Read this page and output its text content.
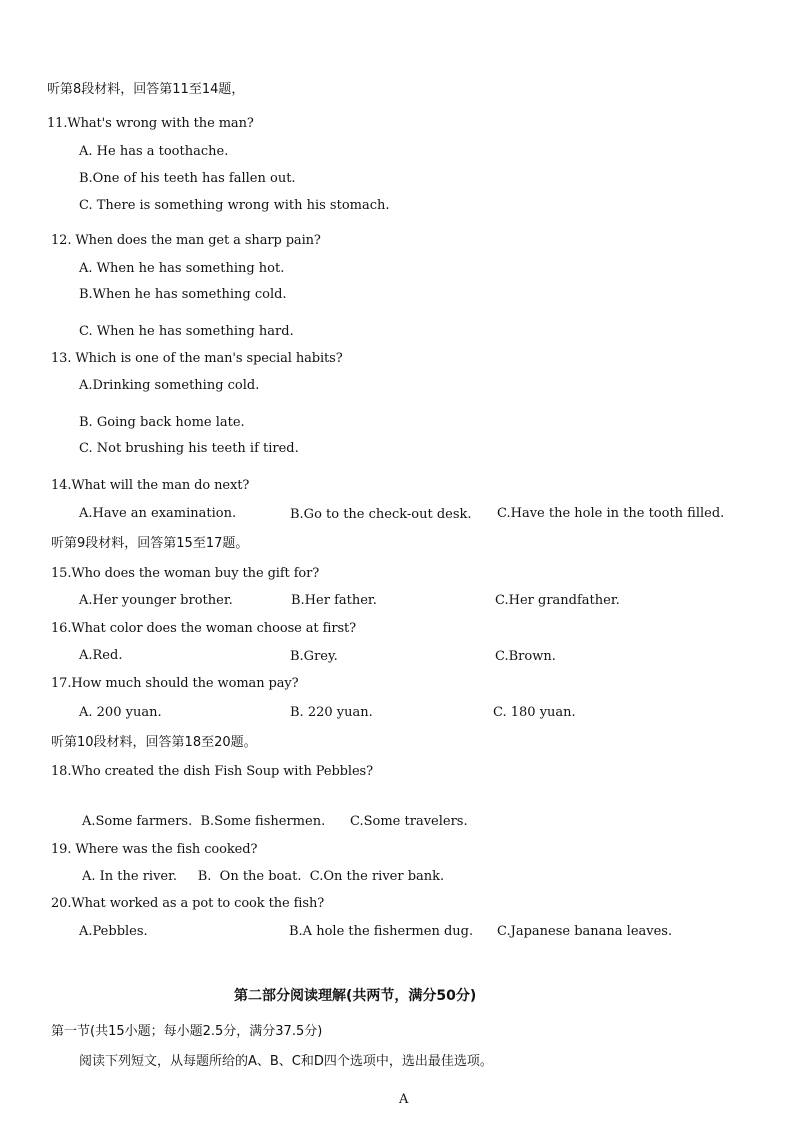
听第8段材料，回答第11至14题，
11.What's wrong with the man?
A. He has a toothache.
B.One of his teeth has fallen out.
C. There is something wrong with his stomach.
12. When does the man get a sharp pain?
A. When he has something hot.
B.When he has something cold.
C. When he has something hard.
13. Which is one of the man's special habits?
A.Drinking something cold.
B. Going back home late.
C. Not brushing his teeth if tired.
14.What will the man do next?
A.Have an examination.	B.Go to the check-out desk. C.Have the hole in the tooth filled.
听第9段材料，回答第15至17题。
15.Who does the woman buy the gift for?
A.Her younger brother.	B.Her father.	C.Her grandfather.
16.What color does the woman choose at first?
A.Red.	B.Grey.	C.Brown.
17.How much should the woman pay?
A. 200 yuan.	B. 220 yuan.	C. 180 yuan.
听第10段材料，回答第18至20题。
18.Who created the dish Fish Soup with Pebbles?
A.Some farmers.  B.Some fishermen.      C.Some travelers.
19. Where was the fish cooked?
A. In the river.     B.  On the boat.  C.On the river bank.
20.What worked as a pot to cook the fish?
A.Pebbles.	B.A hole the fishermen dug. C.Japanese banana leaves.
第二部分阅读理解(共两节，满分50分)
第一节(共15小题；每小题2.5分，满分37.5分)
阅读下列短文，从每题所给的A、B、C和D四个选项中，选出最佳选项。
A
